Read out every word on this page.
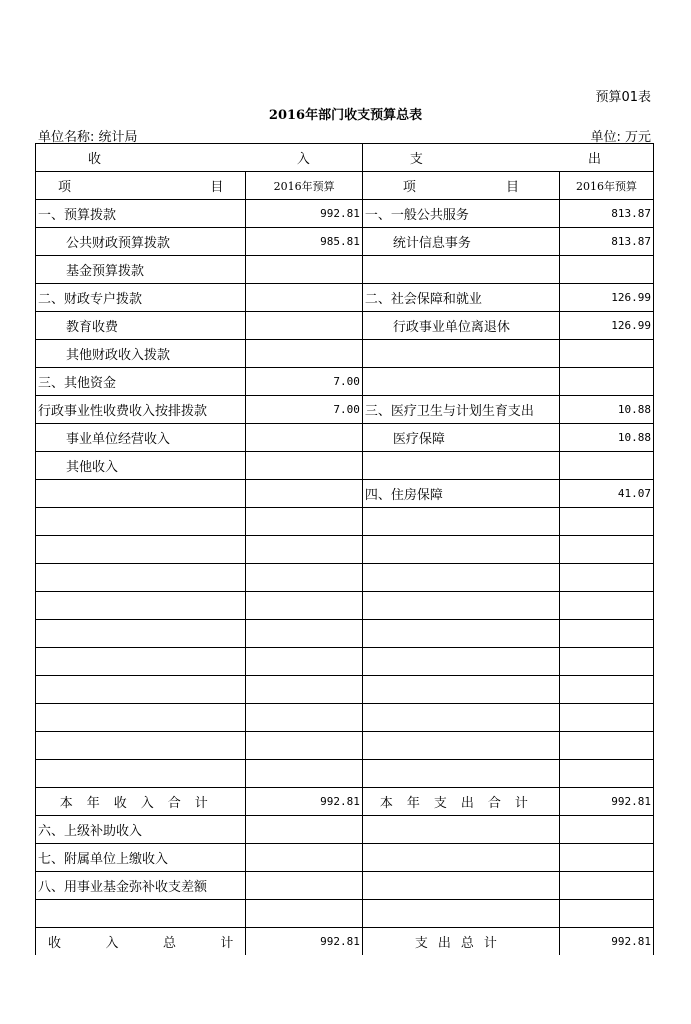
预算01表
2016年部门收支预算总表
单位名称: 统计局	单位: 万元
收 入		支 出	

项 目	2016年预算	项 目	2016年预算
一、预算拨款	992.81	一、一般公共服务	813.87
公共财政预算拨款	985.81	统计信息事务	813.87
基金预算拨款			
二、财政专户拨款		二、社会保障和就业	126.99
教育收费		行政事业单位离退休	126.99
其他财政收入拨款			
三、其他资金	7.00		
行政事业性收费收入按排拨款	7.00	三、医疗卫生与计划生育支出	10.88
事业单位经营收入		医疗保障	10.88
其他收入			
		四、住房保障	41.07

本年收入合计	992.81	本年支出合计	992.81
六、上级补助收入			
七、附属单位上缴收入			
八、用事业基金弥补收支差额			

收 入 总 计	992.81	支出总计	992.81
